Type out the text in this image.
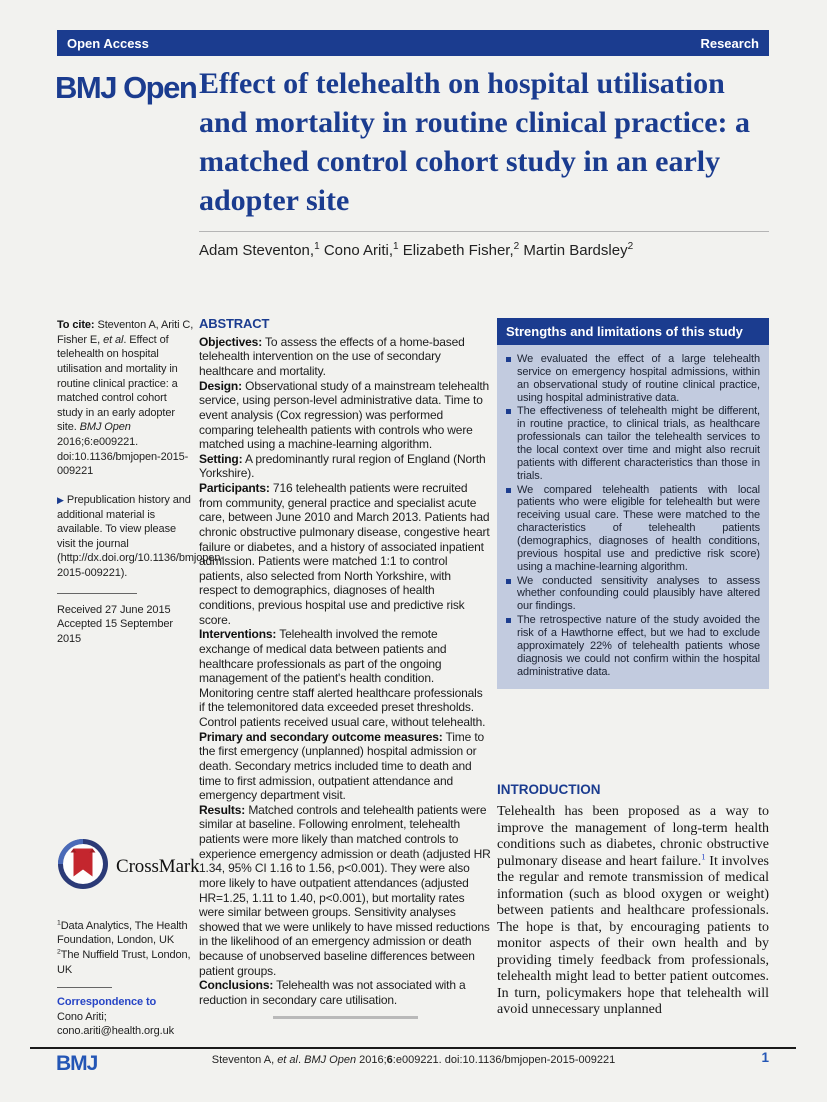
Open Access	Research
BMJ Open Effect of telehealth on hospital utilisation and mortality in routine clinical practice: a matched control cohort study in an early adopter site
Adam Steventon,$^1$ Cono Ariti,$^1$ Elizabeth Fisher,$^2$ Martin Bardsley$^2$

To cite: Steventon A, Ariti C, Fisher E, et al. Effect of telehealth on hospital utilisation and mortality in routine clinical practice: a matched control cohort study in an early adopter site. BMJ Open 2016;6:e009221. doi:10.1136/bmjopen-2015-009221

▶ Prepublication history and additional material is available. To view please visit the journal (http://dx.doi.org/10.1136/bmjopen-2015-009221).

Received 27 June 2015
Accepted 15 September 2015
CrossMark
$^1$Data Analytics, The Health Foundation, London, UK
$^2$The Nuffield Trust, London, UK
Correspondence to
Cono Ariti;
cono.ariti@health.org.uk
ABSTRACT

Objectives: To assess the effects of a home-based telehealth intervention on the use of secondary healthcare and mortality.

Design: Observational study of a mainstream telehealth service, using person-level administrative data. Time to event analysis (Cox regression) was performed comparing telehealth patients with controls who were matched using a machine-learning algorithm.

Setting: A predominantly rural region of England (North Yorkshire).

Participants: 716 telehealth patients were recruited from community, general practice and specialist acute care, between June 2010 and March 2013. Patients had chronic obstructive pulmonary disease, congestive heart failure or diabetes, and a history of associated inpatient admission. Patients were matched 1:1 to control patients, also selected from North Yorkshire, with respect to demographics, diagnoses of health conditions, previous hospital use and predictive risk score.

Interventions: Telehealth involved the remote exchange of medical data between patients and healthcare professionals as part of the ongoing management of the patient's health condition. Monitoring centre staff alerted healthcare professionals if the telemonitored data exceeded preset thresholds. Control patients received usual care, without telehealth.

Primary and secondary outcome measures: Time to the first emergency (unplanned) hospital admission or death. Secondary metrics included time to death and time to first admission, outpatient attendance and emergency department visit.

Results: Matched controls and telehealth patients were similar at baseline. Following enrolment, telehealth patients were more likely than matched controls to experience emergency admission or death (adjusted HR 1.34, 95% CI 1.16 to 1.56, p<0.001). They were also more likely to have outpatient attendances (adjusted HR=1.25, 1.11 to 1.40, p<0.001), but mortality rates were similar between groups. Sensitivity analyses showed that we were unlikely to have missed reductions in the likelihood of an emergency admission or death because of unobserved baseline differences between patient groups.

Conclusions: Telehealth was not associated with a reduction in secondary care utilisation.

Strengths and limitations of this study
We evaluated the effect of a large telehealth service on emergency hospital admissions, within an observational study of routine clinical practice, using hospital administrative data.
The effectiveness of telehealth might be different, in routine practice, to clinical trials, as healthcare professionals can tailor the telehealth services to the local context over time and might also recruit patients with different characteristics than those in trials.
We compared telehealth patients with local patients who were eligible for telehealth but were receiving usual care. These were matched to the characteristics of telehealth patients (demographics, diagnoses of health conditions, previous hospital use and predictive risk score) using a machine-learning algorithm.
We conducted sensitivity analyses to assess whether confounding could plausibly have altered our findings.
The retrospective nature of the study avoided the risk of a Hawthorne effect, but we had to exclude approximately 22% of telehealth patients whose diagnosis we could not confirm within the hospital administrative data.
INTRODUCTION

Telehealth has been proposed as a way to improve the management of long-term health conditions such as diabetes, chronic obstructive pulmonary disease and heart failure.$^1$ It involves the regular and remote transmission of medical information (such as blood oxygen or weight) between patients and healthcare professionals. The hope is that, by encouraging patients to monitor aspects of their own health and by providing timely feedback from professionals, telehealth might lead to better patient outcomes. In turn, policymakers hope that telehealth will avoid unnecessary unplanned

BMJ	Steventon A, et al. BMJ Open 2016;6:e009221. doi:10.1136/bmjopen-2015-009221	1
